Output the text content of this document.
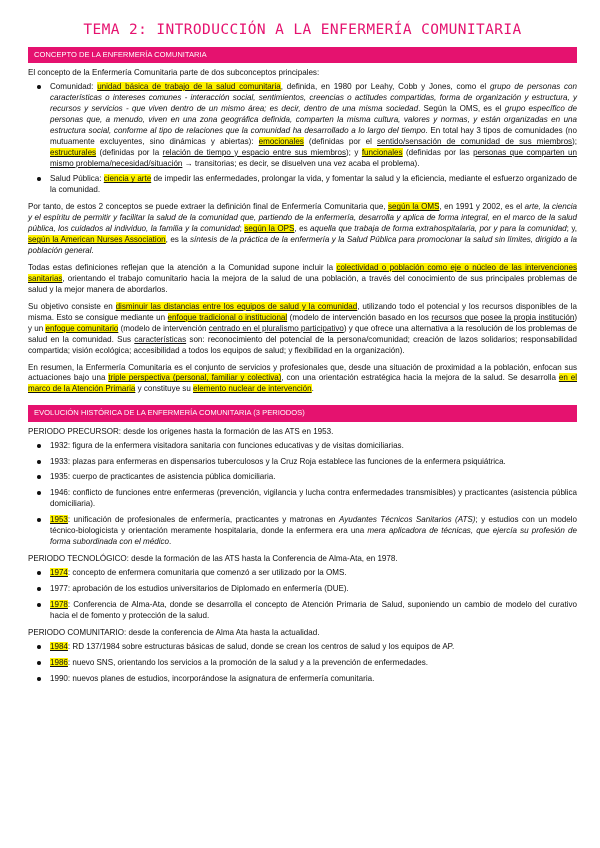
TEMA 2: INTRODUCCIÓN A LA ENFERMERÍA COMUNITARIA
CONCEPTO DE LA ENFERMERÍA COMUNITARIA

El concepto de la Enfermería Comunitaria parte de dos subconceptos principales:

Comunidad: unidad básica de trabajo de la salud comunitaria, definida, en 1980 por Leahy, Cobb y Jones, como el grupo de personas con características o intereses comunes - interacción social, sentimientos, creencias o actitudes compartidas, forma de organización y estructura, y recursos y servicios - que viven dentro de un mismo área; es decir, dentro de una misma sociedad. Según la OMS, es el grupo específico de personas que, a menudo, viven en una zona geográfica definida, comparten la misma cultura, valores y normas, y están organizadas en una estructura social, conforme al tipo de relaciones que la comunidad ha desarrollado a lo largo del tiempo. En total hay 3 tipos de comunidades (no mutuamente excluyentes, sino dinámicas y abiertas): emocionales (definidas por el sentido/sensación de comunidad de sus miembros); estructurales (definidas por la relación de tiempo y espacio entre sus miembros); y funcionales (definidas por las personas que comparten un mismo problema/necesidad/situación → transitorias; es decir, se disuelven una vez acaba el problema).
Salud Pública: ciencia y arte de impedir las enfermedades, prolongar la vida, y fomentar la salud y la eficiencia, mediante el esfuerzo organizado de la comunidad.

Por tanto, de estos 2 conceptos se puede extraer la definición final de Enfermería Comunitaria que, según la OMS, en 1991 y 2002, es el arte, la ciencia y el espíritu de permitir y facilitar la salud de la comunidad que, partiendo de la enfermería, desarrolla y aplica de forma integral, en el marco de la salud pública, los cuidados al individuo, la familia y la comunidad; según la OPS, es aquella que trabaja de forma extrahospitalaria, por y para la comunidad; y, según la American Nurses Association, es la síntesis de la práctica de la enfermería y la Salud Pública para promocionar la salud sin límites, dirigido a la población general.

Todas estas definiciones reflejan que la atención a la Comunidad supone incluir la colectividad o población como eje o núcleo de las intervenciones sanitarias, orientando el trabajo comunitario hacia la mejora de la salud de una población, a través del conocimiento de sus principales problemas de salud y la mejor manera de abordarlos.

Su objetivo consiste en disminuir las distancias entre los equipos de salud y la comunidad, utilizando todo el potencial y los recursos disponibles de la misma. Esto se consigue mediante un enfoque tradicional o institucional (modelo de intervención basado en los recursos que posee la propia institución) y un enfoque comunitario (modelo de intervención centrado en el pluralismo participativo) y que ofrece una alternativa a la resolución de los problemas de salud en la comunidad. Sus características son: reconocimiento del potencial de la persona/comunidad; creación de lazos solidarios; responsabilidad compartida; visión ecológica; accesibilidad a todos los equipos de salud; y flexibilidad en la organización).

En resumen, la Enfermería Comunitaria es el conjunto de servicios y profesionales que, desde una situación de proximidad a la población, enfocan sus actuaciones bajo una triple perspectiva (personal, familiar y colectiva), con una orientación estratégica hacia la mejora de la salud. Se desarrolla en el marco de la Atención Primaria y constituye su elemento nuclear de intervención.

EVOLUCIÓN HISTÓRICA DE LA ENFERMERÍA COMUNITARIA (3 PERIODOS)

PERIODO PRECURSOR: desde los orígenes hasta la formación de las ATS en 1953.

1932: figura de la enfermera visitadora sanitaria con funciones educativas y de visitas domiciliarias.
1933: plazas para enfermeras en dispensarios tuberculosos y la Cruz Roja establece las funciones de la enfermera psiquiátrica.
1935: cuerpo de practicantes de asistencia pública domiciliaria.
1946: conflicto de funciones entre enfermeras (prevención, vigilancia y lucha contra enfermedades transmisibles) y practicantes (asistencia pública domiciliaria).
1953: unificación de profesionales de enfermería, practicantes y matronas en Ayudantes Técnicos Sanitarios (ATS); y estudios con un modelo técnico-biologicista y orientación meramente hospitalaria, donde la enfermera era una mera aplicadora de técnicas, que ejercía su profesión de forma subordinada con el médico.

PERIODO TECNOLÓGICO: desde la formación de las ATS hasta la Conferencia de Alma-Ata, en 1978.

1974: concepto de enfermera comunitaria que comenzó a ser utilizado por la OMS.
1977: aprobación de los estudios universitarios de Diplomado en enfermería (DUE).
1978: Conferencia de Alma-Ata, donde se desarrolla el concepto de Atención Primaria de Salud, suponiendo un cambio de modelo del curativo hacia el de fomento y protección de la salud.

PERIODO COMUNITARIO: desde la conferencia de Alma Ata hasta la actualidad.

1984: RD 137/1984 sobre estructuras básicas de salud, donde se crean los centros de salud y los equipos de AP.
1986: nuevo SNS, orientando los servicios a la promoción de la salud y a la prevención de enfermedades.
1990: nuevos planes de estudios, incorporándose la asignatura de enfermería comunitaria.
